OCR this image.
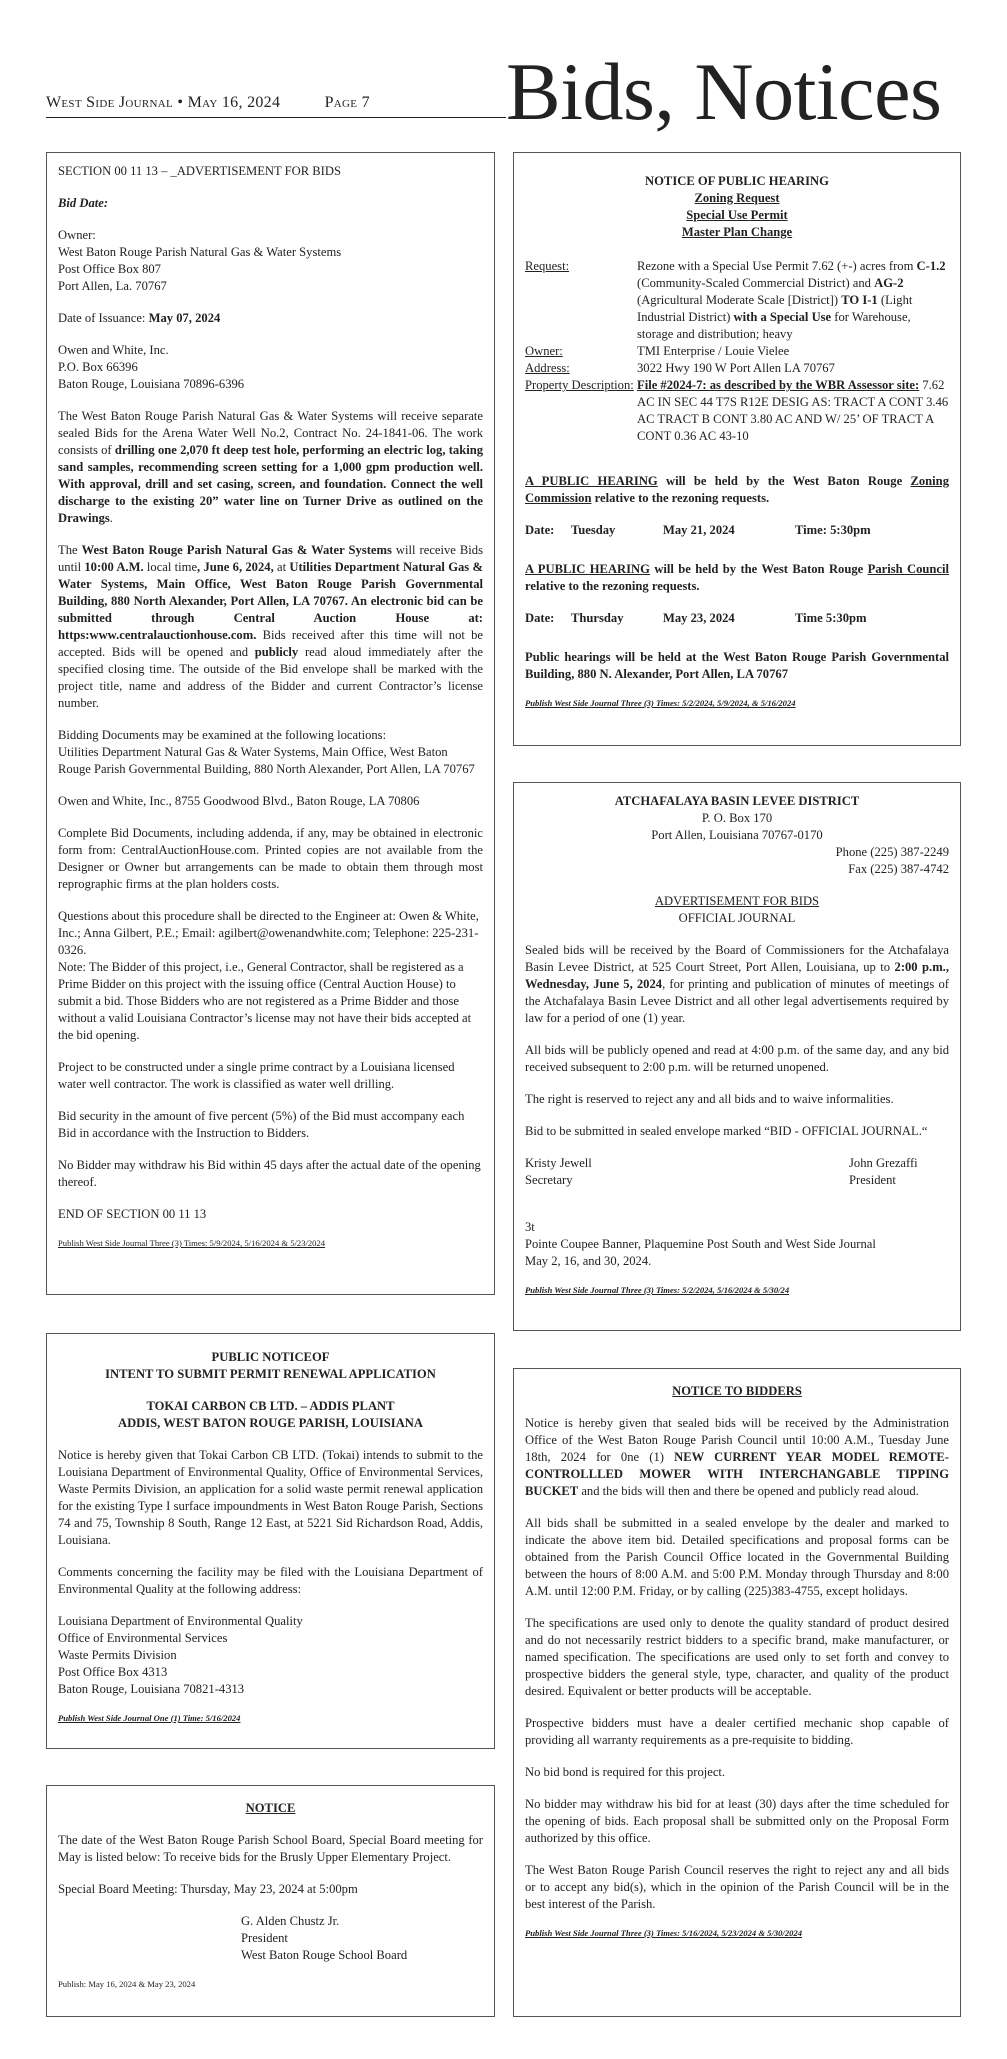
West Side Journal • May 16, 2024	Page 7 Bids, Notices

SECTION 00 11 13 – _ADVERTISEMENT FOR BIDS

Bid Date:

Owner:
West Baton Rouge Parish Natural Gas & Water Systems
Post Office Box 807
Port Allen, La. 70767

Date of Issuance: May 07, 2024

Owen and White, Inc.
P.O. Box 66396
Baton Rouge, Louisiana 70896-6396

The West Baton Rouge Parish Natural Gas & Water Systems will receive separate sealed Bids for the Arena Water Well No.2, Contract No. 24-1841-06. The work consists of drilling one 2,070 ft deep test hole, performing an electric log, taking sand samples, recommending screen setting for a 1,000 gpm production well. With approval, drill and set casing, screen, and foundation. Connect the well discharge to the existing 20” water line on Turner Drive as outlined on the Drawings.

The West Baton Rouge Parish Natural Gas & Water Systems will receive Bids until 10:00 A.M. local time, June 6, 2024, at Utilities Department Natural Gas & Water Systems, Main Office, West Baton Rouge Parish Governmental Building, 880 North Alexander, Port Allen, LA 70767. An electronic bid can be submitted through Central Auction House at: https:www.centralauctionhouse.com. Bids received after this time will not be accepted. Bids will be opened and publicly read aloud immediately after the specified closing time. The outside of the Bid envelope shall be marked with the project title, name and address of the Bidder and current Contractor’s license number.

Bidding Documents may be examined at the following locations:
Utilities Department Natural Gas & Water Systems, Main Office, West Baton Rouge Parish Governmental Building, 880 North Alexander, Port Allen, LA 70767

Owen and White, Inc., 8755 Goodwood Blvd., Baton Rouge, LA 70806

Complete Bid Documents, including addenda, if any, may be obtained in electronic form from: CentralAuctionHouse.com. Printed copies are not available from the Designer or Owner but arrangements can be made to obtain them through most reprographic firms at the plan holders costs.

Questions about this procedure shall be directed to the Engineer at: Owen & White, Inc.; Anna Gilbert, P.E.; Email: agilbert@owenandwhite.com; Telephone: 225-231-0326.
Note: The Bidder of this project, i.e., General Contractor, shall be registered as a Prime Bidder on this project with the issuing office (Central Auction House) to submit a bid. Those Bidders who are not registered as a Prime Bidder and those without a valid Louisiana Contractor’s license may not have their bids accepted at the bid opening.

Project to be constructed under a single prime contract by a Louisiana licensed water well contractor. The work is classified as water well drilling.

Bid security in the amount of five percent (5%) of the Bid must accompany each Bid in accordance with the Instruction to Bidders.

No Bidder may withdraw his Bid within 45 days after the actual date of the opening thereof.

END OF SECTION 00 11 13

Publish West Side Journal Three (3) Times: 5/9/2024, 5/16/2024 & 5/23/2024

NOTICE OF PUBLIC HEARING
Zoning Request
Special Use Permit
Master Plan Change
Request:	Rezone with a Special Use Permit 7.62 (+-) acres from C-1.2 (Community-Scaled Commercial District) and AG-2 (Agricultural Moderate Scale [District]) TO I-1 (Light Industrial District) with a Special Use for Warehouse, storage and distribution; heavy
Owner:	TMI Enterprise / Louie Vielee
Address:	3022 Hwy 190 W Port Allen LA 70767
Property Description: File #2024-7: as described by the WBR Assessor site: 7.62 AC IN SEC 44 T7S R12E DESIG AS: TRACT A CONT 3.46 AC TRACT B CONT 3.80 AC AND W/ 25’ OF TRACT A CONT 0.36 AC 43-10

A PUBLIC HEARING will be held by the West Baton Rouge Zoning Commission relative to the rezoning requests.

Date:	Tuesday	May 21, 2024	Time: 5:30pm

A PUBLIC HEARING will be held by the West Baton Rouge Parish Council relative to the rezoning requests.

Date:	Thursday	May 23, 2024	Time 5:30pm

Public hearings will be held at the West Baton Rouge Parish Governmental Building, 880 N. Alexander, Port Allen, LA 70767

Publish West Side Journal Three (3) Times: 5/2/2024, 5/9/2024, & 5/16/2024

ATCHAFALAYA BASIN LEVEE DISTRICT
P. O. Box 170
Port Allen, Louisiana 70767-0170
Phone (225) 387-2249
Fax (225) 387-4742

ADVERTISEMENT FOR BIDS
OFFICIAL JOURNAL

Sealed bids will be received by the Board of Commissioners for the Atchafalaya Basin Levee District, at 525 Court Street, Port Allen, Louisiana, up to 2:00 p.m., Wednesday, June 5, 2024, for printing and publication of minutes of meetings of the Atchafalaya Basin Levee District and all other legal advertisements required by law for a period of one (1) year.

All bids will be publicly opened and read at 4:00 p.m. of the same day, and any bid received subsequent to 2:00 p.m. will be returned unopened.

The right is reserved to reject any and all bids and to waive informalities.

Bid to be submitted in sealed envelope marked “BID - OFFICIAL JOURNAL.“

Kristy Jewell
Secretary
John Grezaffi
President

3t
Pointe Coupee Banner, Plaquemine Post South and West Side Journal
May 2, 16, and 30, 2024.

Publish West Side Journal Three (3) Times: 5/2/2024, 5/16/2024 & 5/30/24

PUBLIC NOTICEOF
INTENT TO SUBMIT PERMIT RENEWAL APPLICATION

TOKAI CARBON CB LTD. – ADDIS PLANT
ADDIS, WEST BATON ROUGE PARISH, LOUISIANA

Notice is hereby given that Tokai Carbon CB LTD. (Tokai) intends to submit to the Louisiana Department of Environmental Quality, Office of Environmental Services, Waste Permits Division, an application for a solid waste permit renewal application for the existing Type I surface impoundments in West Baton Rouge Parish, Sections 74 and 75, Township 8 South, Range 12 East, at 5221 Sid Richardson Road, Addis, Louisiana.

Comments concerning the facility may be filed with the Louisiana Department of Environmental Quality at the following address:

Louisiana Department of Environmental Quality
Office of Environmental Services
Waste Permits Division
Post Office Box 4313
Baton Rouge, Louisiana 70821-4313

Publish West Side Journal One (1) Time: 5/16/2024

NOTICE

The date of the West Baton Rouge Parish School Board, Special Board meeting for May is listed below: To receive bids for the Brusly Upper Elementary Project.

Special Board Meeting: Thursday, May 23, 2024 at 5:00pm

G. Alden Chustz Jr.
President
West Baton Rouge School Board

Publish: May 16, 2024 & May 23, 2024

NOTICE TO BIDDERS

Notice is hereby given that sealed bids will be received by the Administration Office of the West Baton Rouge Parish Council until 10:00 A.M., Tuesday June 18th, 2024 for 0ne (1) NEW CURRENT YEAR MODEL REMOTE-CONTROLLLED MOWER WITH INTERCHANGABLE TIPPING BUCKET and the bids will then and there be opened and publicly read aloud.

All bids shall be submitted in a sealed envelope by the dealer and marked to indicate the above item bid. Detailed specifications and proposal forms can be obtained from the Parish Council Office located in the Governmental Building between the hours of 8:00 A.M. and 5:00 P.M. Monday through Thursday and 8:00 A.M. until 12:00 P.M. Friday, or by calling (225)383-4755, except holidays.

The specifications are used only to denote the quality standard of product desired and do not necessarily restrict bidders to a specific brand, make manufacturer, or named specification. The specifications are used only to set forth and convey to prospective bidders the general style, type, character, and quality of the product desired. Equivalent or better products will be acceptable.

Prospective bidders must have a dealer certified mechanic shop capable of providing all warranty requirements as a pre-requisite to bidding.

No bid bond is required for this project.

No bidder may withdraw his bid for at least (30) days after the time scheduled for the opening of bids. Each proposal shall be submitted only on the Proposal Form authorized by this office.

The West Baton Rouge Parish Council reserves the right to reject any and all bids or to accept any bid(s), which in the opinion of the Parish Council will be in the best interest of the Parish.

Publish West Side Journal Three (3) Times: 5/16/2024, 5/23/2024 & 5/30/2024
